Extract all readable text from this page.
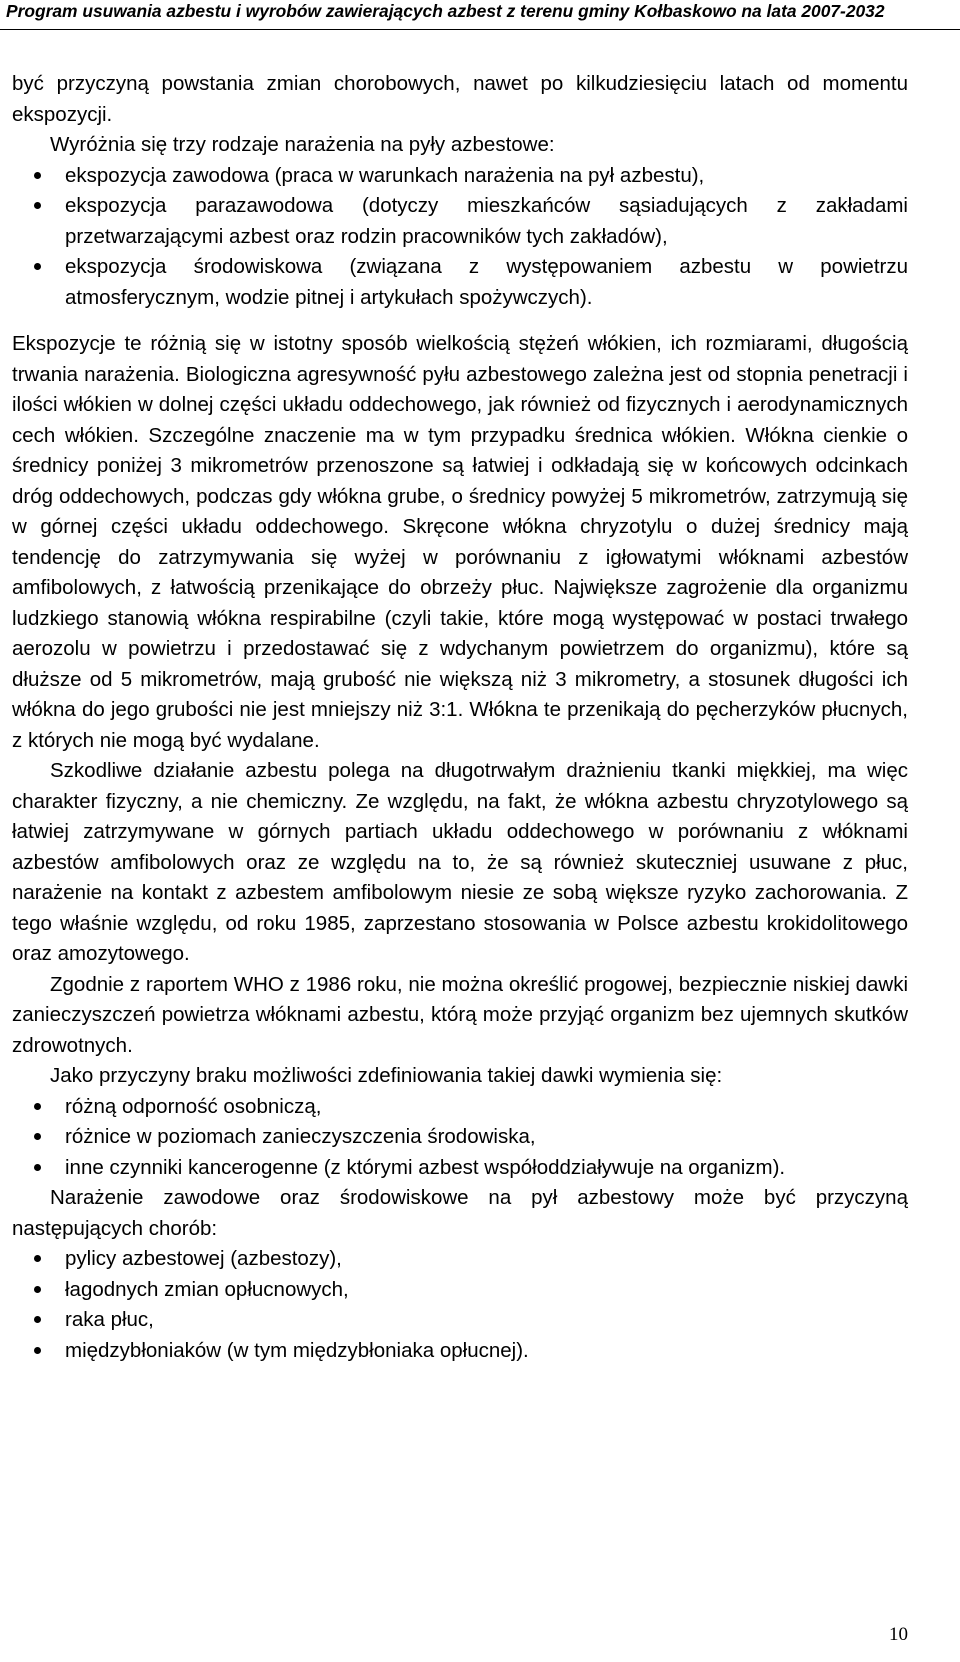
Program usuwania azbestu i wyrobów zawierających azbest z terenu gminy Kołbaskowo na lata 2007-2032

być przyczyną powstania zmian chorobowych, nawet po kilkudziesięciu latach od momentu ekspozycji.

Wyróżnia się trzy rodzaje narażenia na pyły azbestowe:

ekspozycja zawodowa (praca w warunkach narażenia na pył azbestu),
ekspozycja parazawodowa (dotyczy mieszkańców sąsiadujących z zakładami przetwarzającymi azbest oraz rodzin pracowników tych zakładów),
ekspozycja środowiskowa (związana z występowaniem azbestu w powietrzu atmosferycznym, wodzie pitnej i artykułach spożywczych).

Ekspozycje te różnią się w istotny sposób wielkością stężeń włókien, ich rozmiarami, długością trwania narażenia. Biologiczna agresywność pyłu azbestowego zależna jest od stopnia penetracji i ilości włókien w dolnej części układu oddechowego, jak również od fizycznych i aerodynamicznych cech włókien. Szczególne znaczenie ma w tym przypadku średnica włókien. Włókna cienkie o średnicy poniżej 3 mikrometrów przenoszone są łatwiej i odkładają się w końcowych odcinkach dróg oddechowych, podczas gdy włókna grube, o średnicy powyżej 5 mikrometrów, zatrzymują się w górnej części układu oddechowego. Skręcone włókna chryzotylu o dużej średnicy mają tendencję do zatrzymywania się wyżej w porównaniu z igłowatymi włóknami azbestów amfibolowych, z łatwością przenikające do obrzeży płuc. Największe zagrożenie dla organizmu ludzkiego stanowią włókna respirabilne (czyli takie, które mogą występować w postaci trwałego aerozolu w powietrzu i przedostawać się z wdychanym powietrzem do organizmu), które są dłuższe od 5 mikrometrów, mają grubość nie większą niż 3 mikrometry, a stosunek długości ich włókna do jego grubości nie jest mniejszy niż 3:1. Włókna te przenikają do pęcherzyków płucnych, z których nie mogą być wydalane.

Szkodliwe działanie azbestu polega na długotrwałym drażnieniu tkanki miękkiej, ma więc charakter fizyczny, a nie chemiczny. Ze względu, na fakt, że włókna azbestu chryzotylowego są łatwiej zatrzymywane w górnych partiach układu oddechowego w porównaniu z włóknami azbestów amfibolowych oraz ze względu na to, że są również skuteczniej usuwane z płuc, narażenie na kontakt z azbestem amfibolowym niesie ze sobą większe ryzyko zachorowania. Z tego właśnie względu, od roku 1985, zaprzestano stosowania w Polsce azbestu krokidolitowego oraz amozytowego.

Zgodnie z raportem WHO z 1986 roku, nie można określić progowej, bezpiecznie niskiej dawki zanieczyszczeń powietrza włóknami azbestu, którą może przyjąć organizm bez ujemnych skutków zdrowotnych.

Jako przyczyny braku możliwości zdefiniowania takiej dawki wymienia się:

różną odporność osobniczą,
różnice w poziomach zanieczyszczenia środowiska,
inne czynniki kancerogenne (z którymi azbest współoddziaływuje na organizm).

Narażenie zawodowe oraz środowiskowe na pył azbestowy może być przyczyną następujących chorób:

pylicy azbestowej (azbestozy),
łagodnych zmian opłucnowych,
raka płuc,
międzybłoniaków (w tym międzybłoniaka opłucnej).
10
